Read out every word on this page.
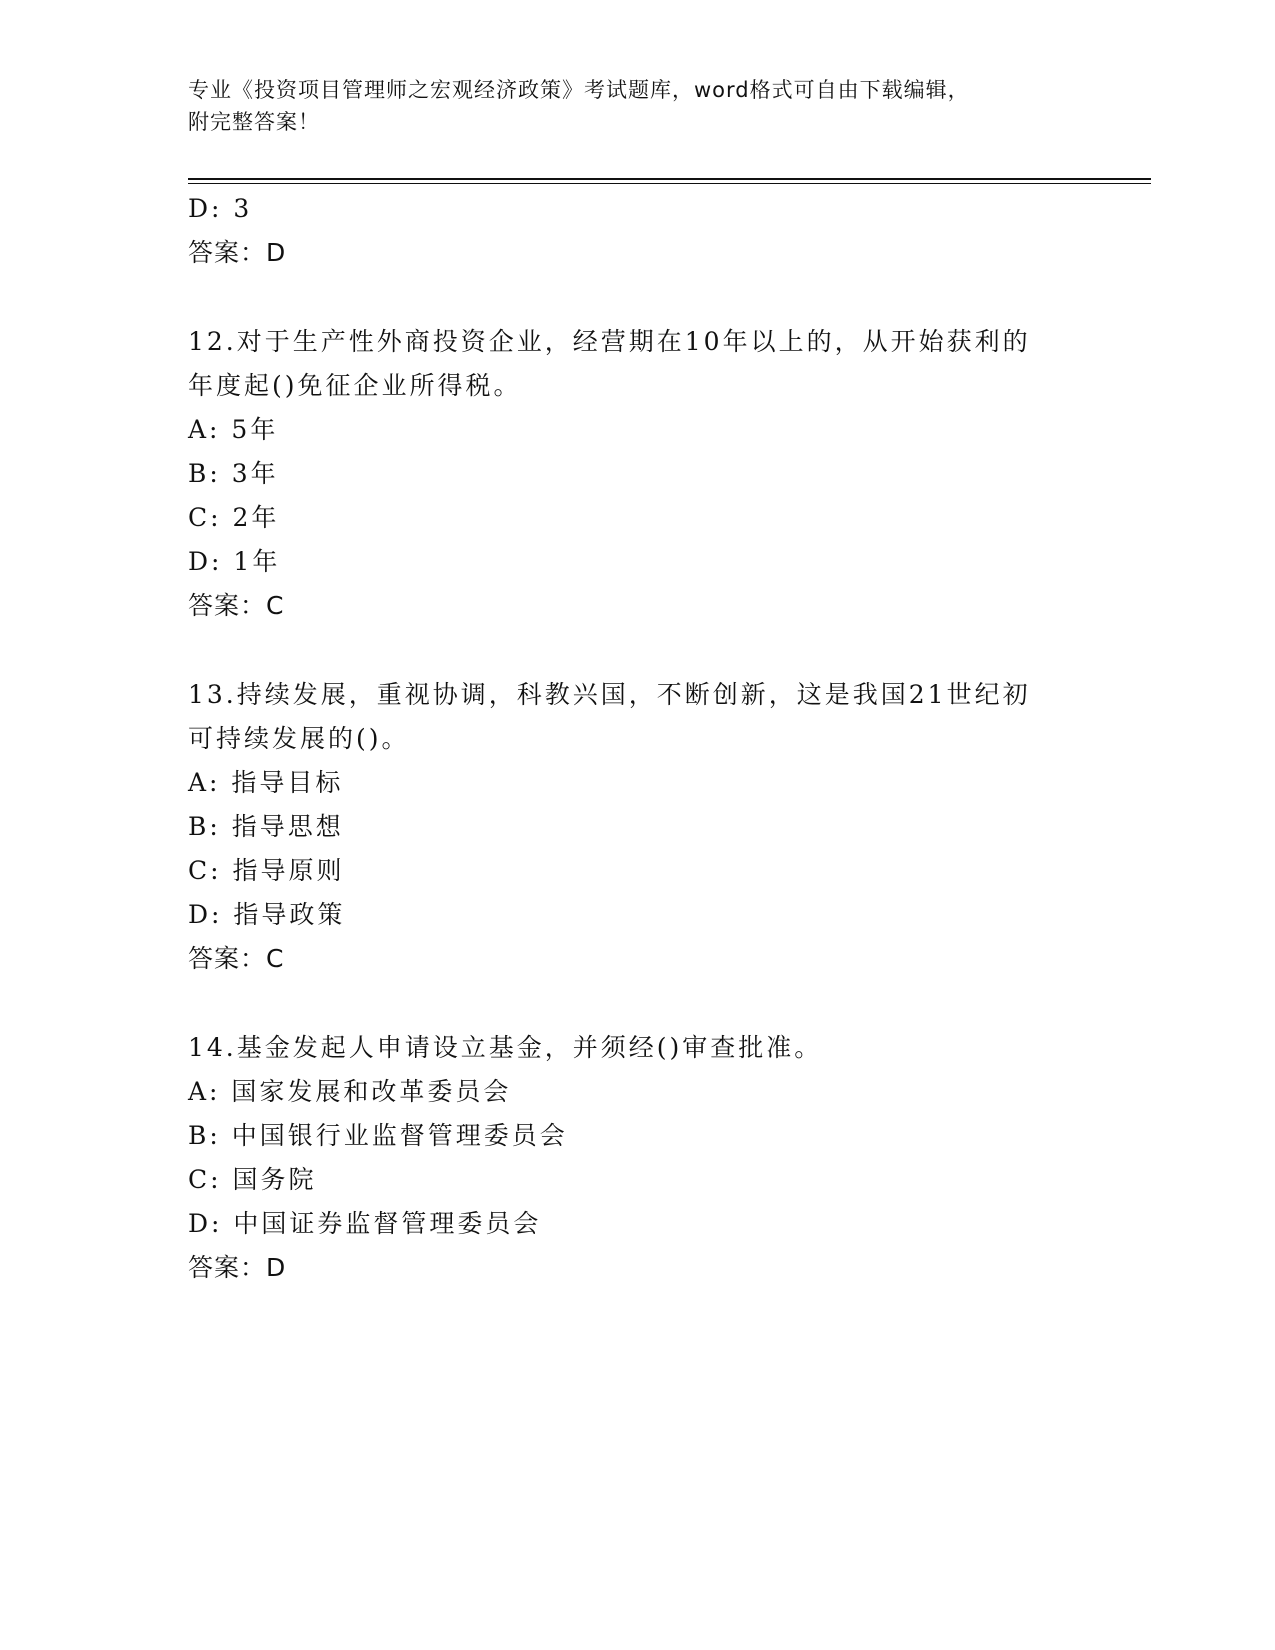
专业《投资项目管理师之宏观经济政策》考试题库，word格式可自由下载编辑，
附完整答案！
D: 3
答案：D
12.对于生产性外商投资企业，经营期在10年以上的，从开始获利的
年度起()免征企业所得税。
A: 5年
B: 3年
C: 2年
D: 1年
答案：C
13.持续发展，重视协调，科教兴国，不断创新，这是我国21世纪初
可持续发展的()。
A: 指导目标
B: 指导思想
C: 指导原则
D: 指导政策
答案：C
14.基金发起人申请设立基金，并须经()审查批准。
A: 国家发展和改革委员会
B: 中国银行业监督管理委员会
C: 国务院
D: 中国证券监督管理委员会
答案：D
